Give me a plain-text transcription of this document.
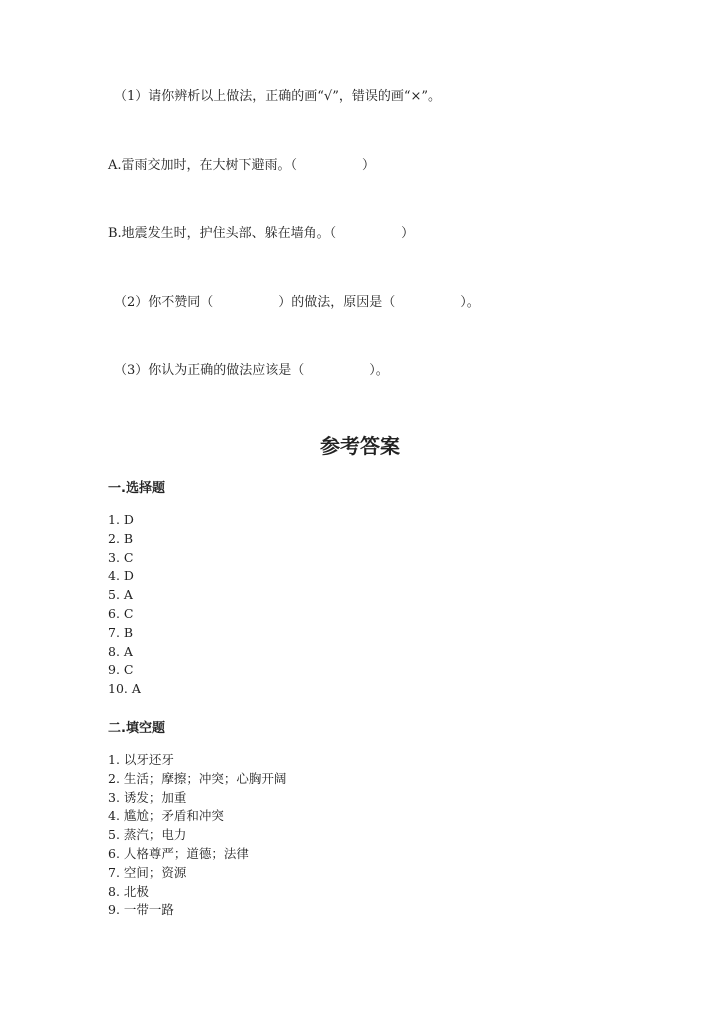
（1）请你辨析以上做法，正确的画“√”，错误的画“×”。
A.雷雨交加时，在大树下避雨。（　　　　　）
B.地震发生时，护住头部、躲在墙角。（　　　　　）
（2）你不赞同（　　　　　）的做法，原因是（　　　　　）。
（3）你认为正确的做法应该是（　　　　　）。
参考答案
一.选择题
1. D
2. B
3. C
4. D
5. A
6. C
7. B
8. A
9. C
10. A
二.填空题
1. 以牙还牙
2. 生活；摩擦；冲突；心胸开阔
3. 诱发；加重
4. 尴尬；矛盾和冲突
5. 蒸汽；电力
6. 人格尊严；道德；法律
7. 空间；资源
8. 北极
9. 一带一路
